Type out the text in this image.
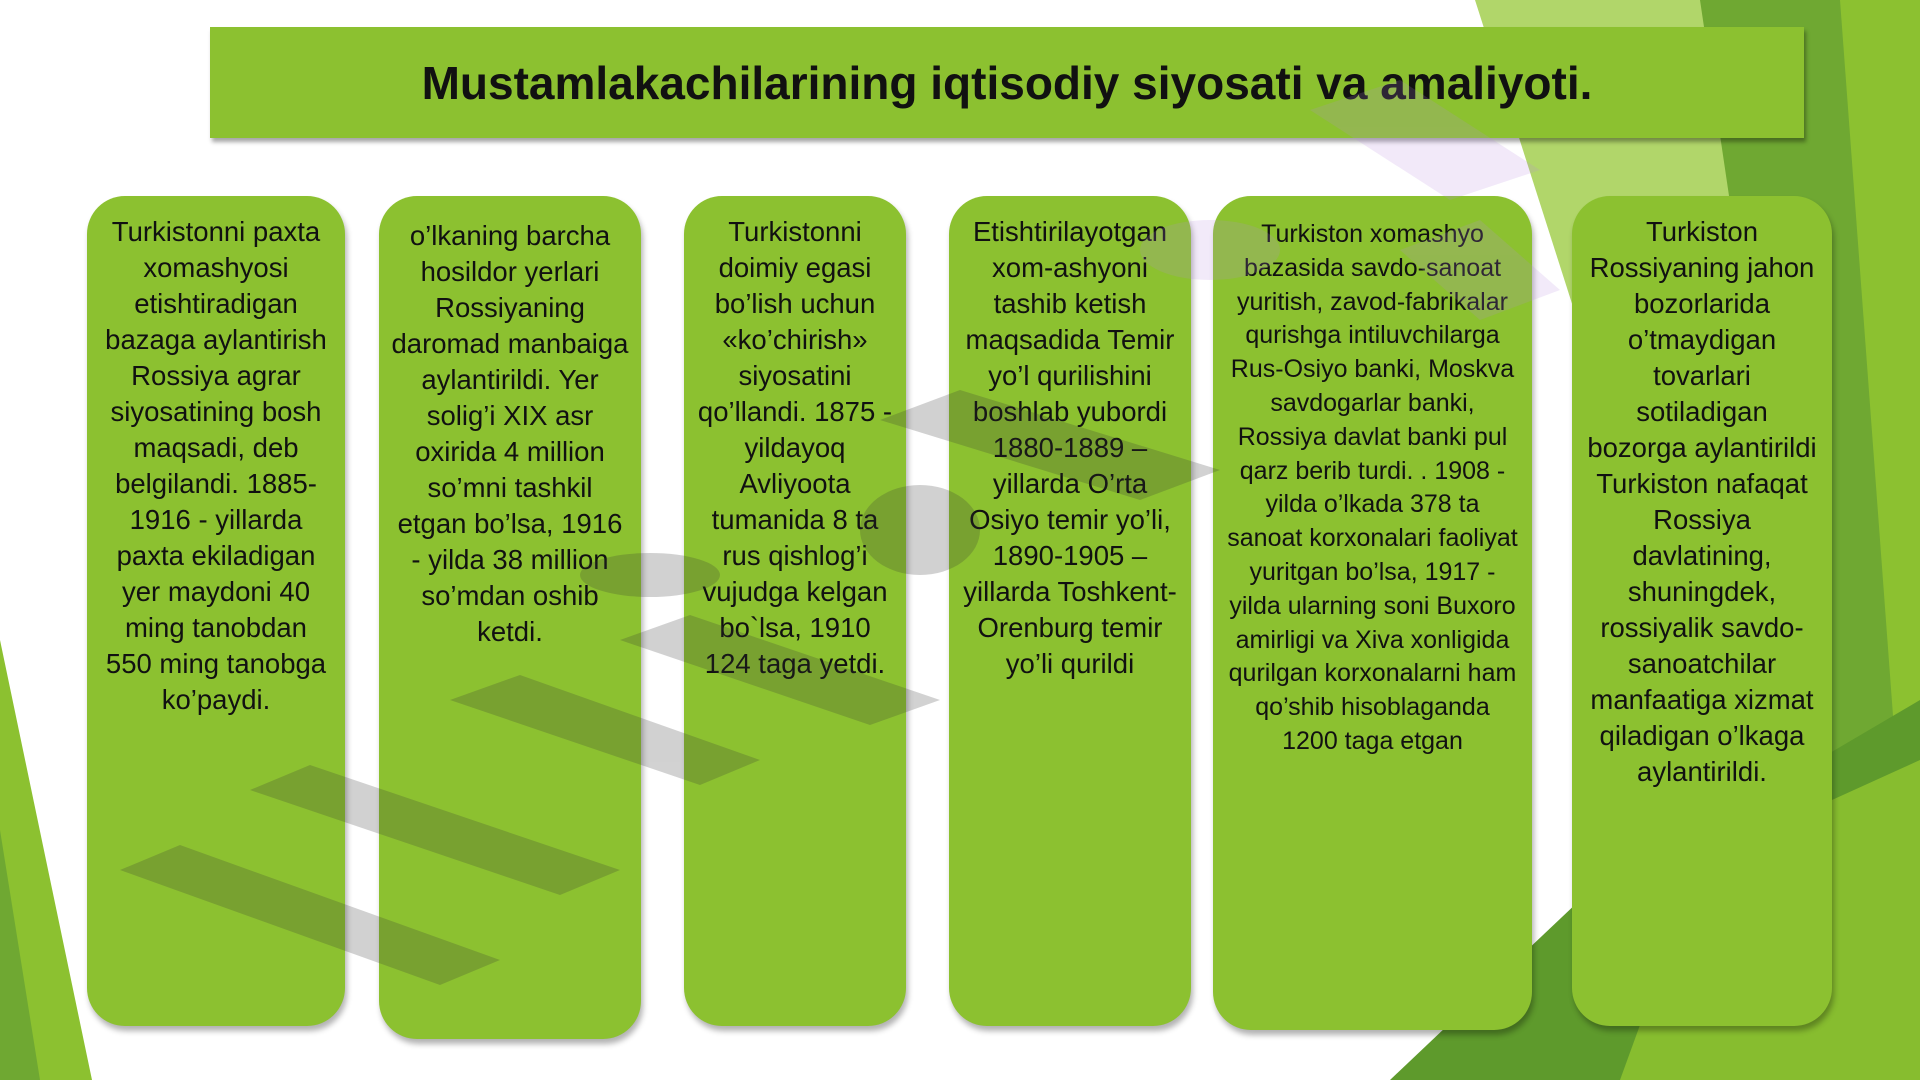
Mustamlakachilarining iqtisodiy siyosati va amaliyoti.
Turkistonni paxta xomashyosi etishtiradigan bazaga aylantirish Rossiya agrar siyosatining bosh maqsadi, deb belgilandi. 1885-1916 - yillarda paxta ekiladigan yer maydoni 40 ming tanobdan 550 ming tanobga ko’paydi.
o’lkaning barcha hosildor yerlari Rossiyaning daromad manbaiga aylantirildi. Yer solig’i XIX asr oxirida 4 million so’mni tashkil etgan bo’lsa, 1916 - yilda 38 million so’mdan oshib ketdi.
Turkistonni doimiy egasi bo’lish uchun «ko’chirish» siyosatini qo’llandi. 1875 - yildayoq Avliyoota tumanida 8 ta rus qishlog’i vujudga kelgan bo`lsa, 1910 124 taga yetdi.
Etishtirilayotgan xom-ashyoni tashib ketish maqsadida Temir yo’l qurilishini boshlab yubordi 1880-1889 – yillarda O’rta Osiyo temir yo’li, 1890-1905 – yillarda Toshkent-Orenburg temir yo’li qurildi
Turkiston xomashyo bazasida savdo-sanoat yuritish, zavod-fabrikalar qurishga intiluvchilarga Rus-Osiyo banki, Moskva savdogarlar banki, Rossiya davlat banki pul qarz berib turdi. . 1908 - yilda o’lkada 378 ta sanoat korxonalari faoliyat yuritgan bo’lsa, 1917 - yilda ularning soni Buxoro amirligi va Xiva xonligida qurilgan korxonalarni ham qo’shib hisoblaganda 1200 taga etgan
Turkiston Rossiyaning jahon bozorlarida o’tmaydigan tovarlari sotiladigan bozorga aylantirildi Turkiston nafaqat Rossiya davlatining, shuningdek, rossiyalik savdo-sanoatchilar manfaatiga xizmat qiladigan o’lkaga aylantirildi.
